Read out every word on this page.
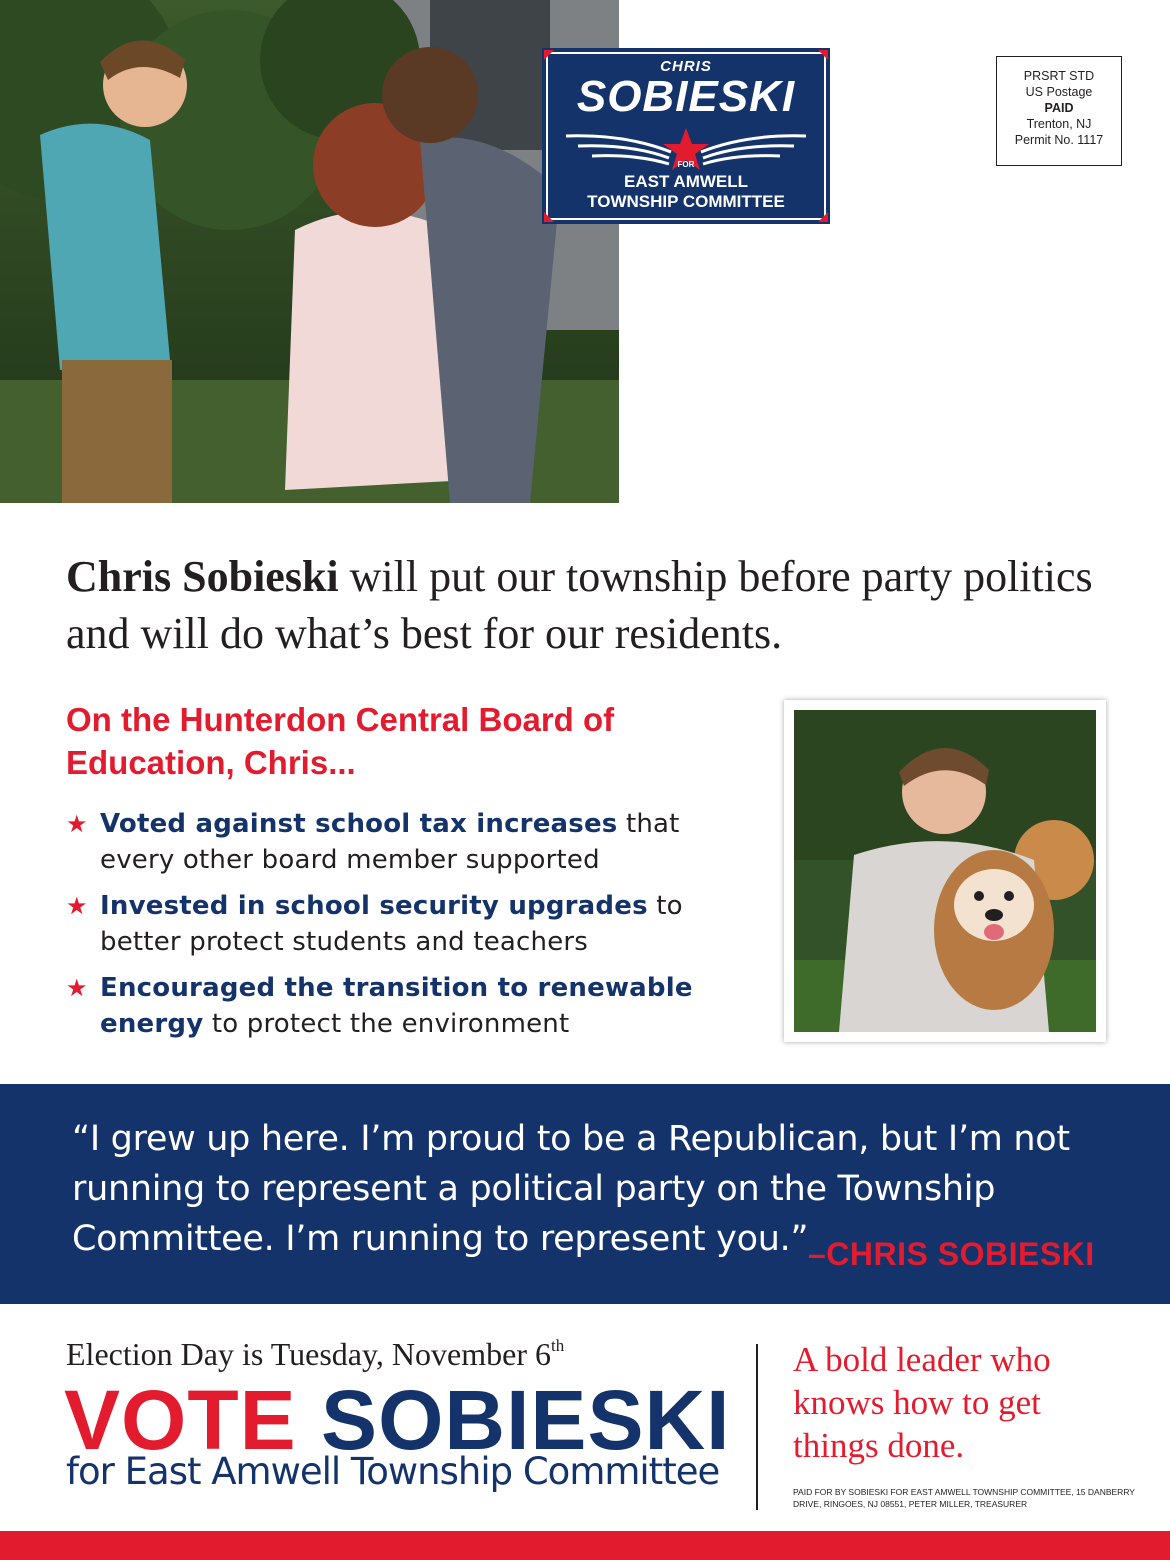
CHRIS
SOBIESKI
FOR
EAST AMWELL
TOWNSHIP COMMITTEE
PRSRT STD
US Postage
PAID
Trenton, NJ
Permit No. 1117
Chris Sobieski will put our township before party politics and will do what’s best for our residents.
On the Hunterdon Central Board of Education, Chris...
★ Voted against school tax increases that every other board member supported
★ Invested in school security upgrades to better protect students and teachers
★ Encouraged the transition to renewable energy to protect the environment
“I grew up here. I’m proud to be a Republican, but I’m not running to represent a political party on the Township Committee. I’m running to represent you.” –CHRIS SOBIESKI
Election Day is Tuesday, November 6th
VOTE SOBIESKI
for East Amwell Township Committee
A bold leader who knows how to get things done.
PAID FOR BY SOBIESKI FOR EAST AMWELL TOWNSHIP COMMITTEE, 15 DANBERRY DRIVE, RINGOES, NJ 08551, PETER MILLER, TREASURER
